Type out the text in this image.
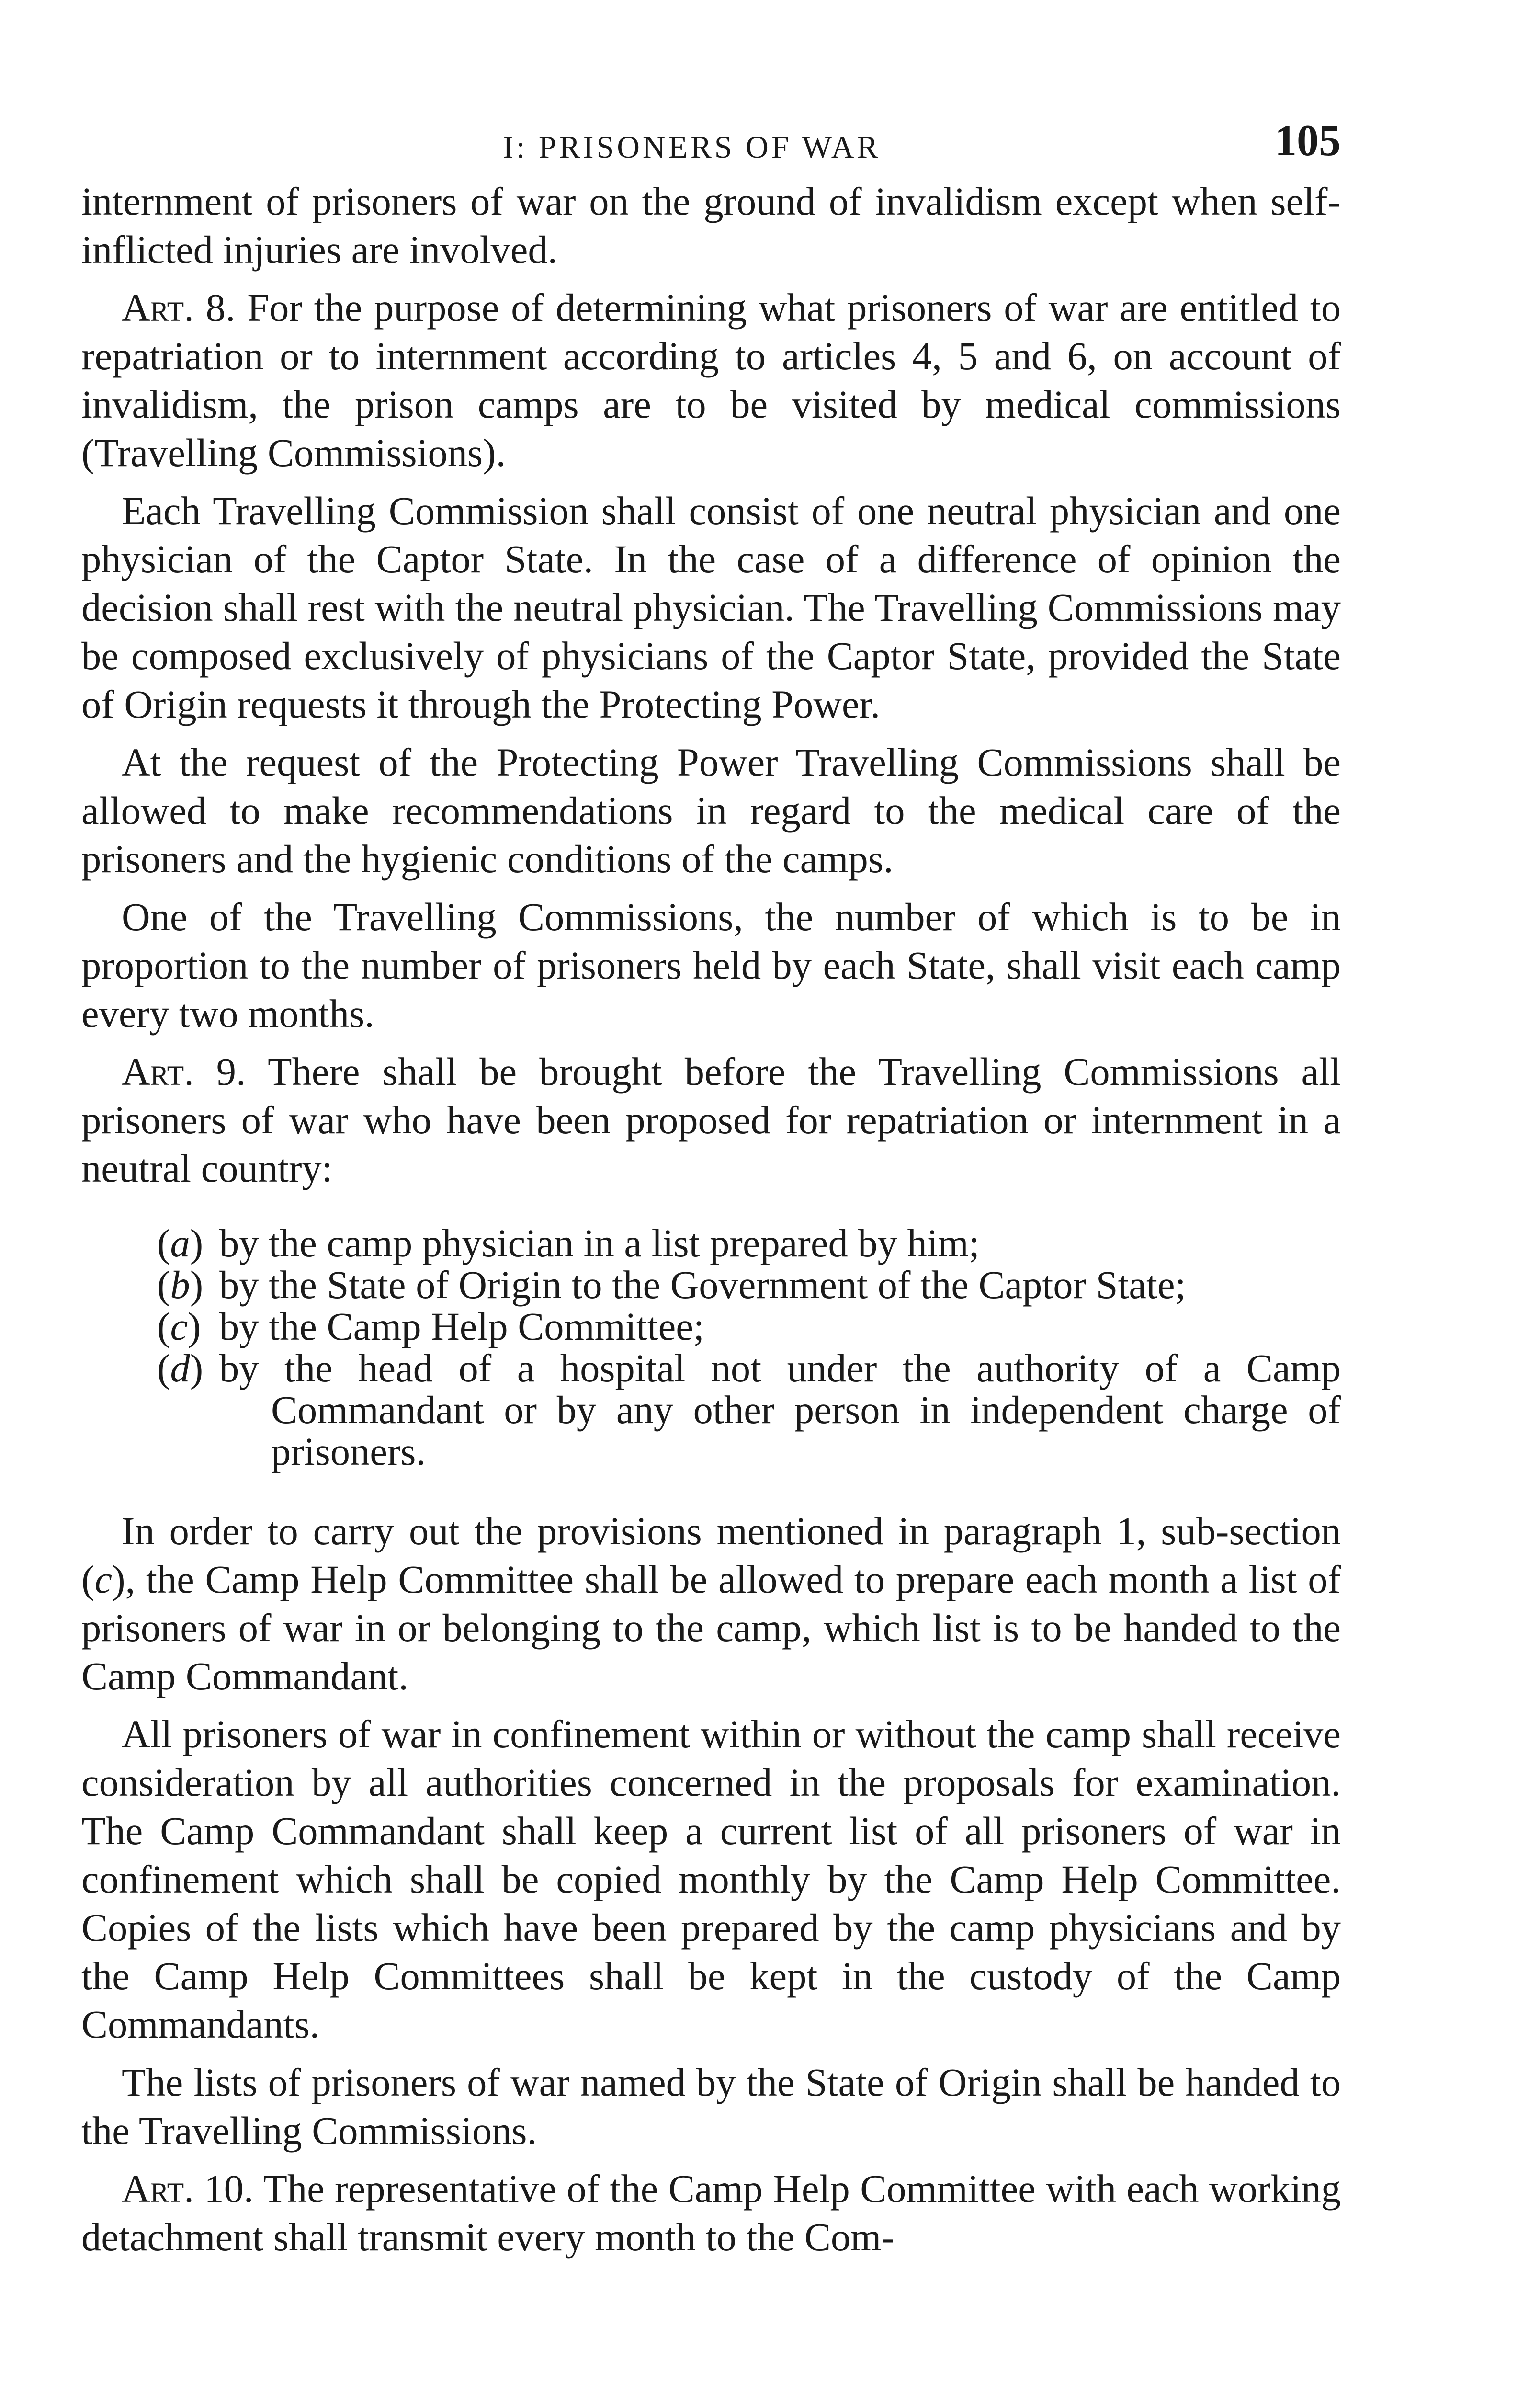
I: PRISONERS OF WAR	105

internment of prisoners of war on the ground of invalidism except when self-inflicted injuries are involved.

Art. 8. For the purpose of determining what prisoners of war are entitled to repatriation or to internment according to articles 4, 5 and 6, on account of invalidism, the prison camps are to be visited by medical commissions (Travelling Commissions).

Each Travelling Commission shall consist of one neutral physician and one physician of the Captor State. In the case of a difference of opinion the decision shall rest with the neutral physician. The Travelling Commissions may be composed exclusively of physicians of the Captor State, provided the State of Origin requests it through the Protecting Power.

At the request of the Protecting Power Travelling Commissions shall be allowed to make recommendations in regard to the medical care of the prisoners and the hygienic conditions of the camps.

One of the Travelling Commissions, the number of which is to be in proportion to the number of prisoners held by each State, shall visit each camp every two months.

Art. 9. There shall be brought before the Travelling Commissions all prisoners of war who have been proposed for repatriation or internment in a neutral country:

(a) by the camp physician in a list prepared by him;
(b) by the State of Origin to the Government of the Captor State;
(c) by the Camp Help Committee;
(d) by the head of a hospital not under the authority of a Camp Commandant or by any other person in independent charge of prisoners.

In order to carry out the provisions mentioned in paragraph 1, sub-section (c), the Camp Help Committee shall be allowed to prepare each month a list of prisoners of war in or belonging to the camp, which list is to be handed to the Camp Commandant.

All prisoners of war in confinement within or without the camp shall receive consideration by all authorities concerned in the proposals for examination. The Camp Commandant shall keep a current list of all prisoners of war in confinement which shall be copied monthly by the Camp Help Committee. Copies of the lists which have been prepared by the camp physicians and by the Camp Help Committees shall be kept in the custody of the Camp Commandants.

The lists of prisoners of war named by the State of Origin shall be handed to the Travelling Commissions.

Art. 10. The representative of the Camp Help Committee with each working detachment shall transmit every month to the Com-
